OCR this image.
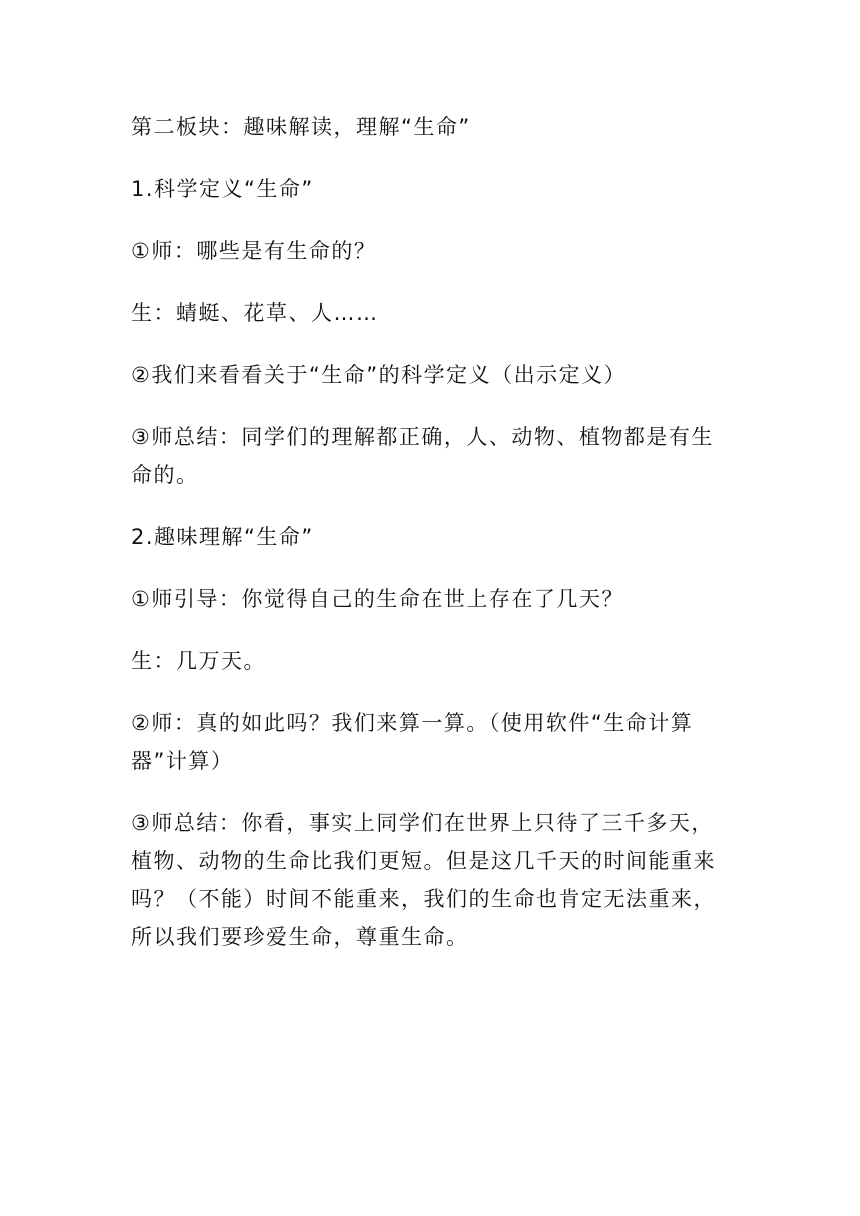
第二板块：趣味解读，理解“生命”

1.科学定义“生命”

①师：哪些是有生命的？

生：蜻蜓、花草、人……

②我们来看看关于“生命”的科学定义（出示定义）

③师总结：同学们的理解都正确，人、动物、植物都是有生命的。

2.趣味理解“生命”

①师引导：你觉得自己的生命在世上存在了几天？

生：几万天。

②师：真的如此吗？我们来算一算。（使用软件“生命计算器”计算）

③师总结：你看，事实上同学们在世界上只待了三千多天，植物、动物的生命比我们更短。但是这几千天的时间能重来吗？（不能）时间不能重来，我们的生命也肯定无法重来，所以我们要珍爱生命，尊重生命。
